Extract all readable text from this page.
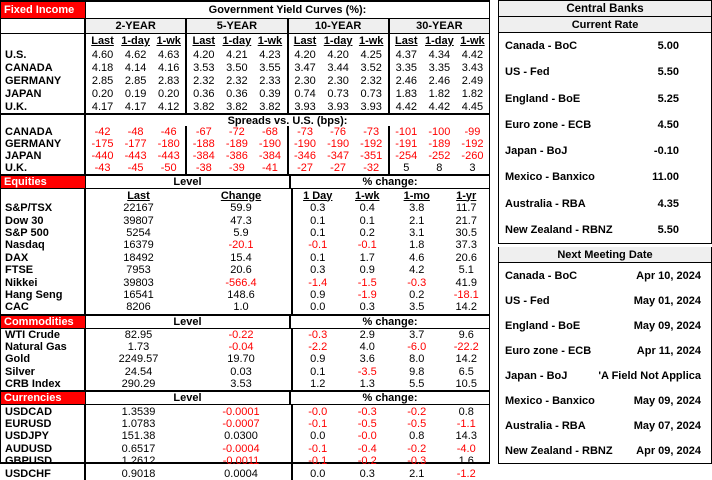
Fixed Income	Government Yield Curves (%):
2-YEAR	5-YEAR	10-YEAR	30-YEAR
Last 1-day 1-wk	Last 1-day 1-wk	Last 1-day 1-wk	Last 1-day 1-wk
U.S.	4.60	4.62	4.63	4.20	4.21	4.23	4.20	4.20	4.25	4.37	4.34	4.42
CANADA	4.18	4.14	4.16	3.53	3.50	3.55	3.47	3.44	3.52	3.35	3.35	3.43
GERMANY	2.85	2.85	2.83	2.32	2.32	2.33	2.30	2.30	2.32	2.46	2.46	2.49
JAPAN	0.20	0.19	0.20	0.36	0.36	0.39	0.74	0.73	0.73	1.83	1.82	1.82
U.K.	4.17	4.17	4.12	3.82	3.82	3.82	3.93	3.93	3.93	4.42	4.42	4.45
Spreads vs. U.S. (bps):
CANADA	-42	-48	-46	-67	-72	-68	-73	-76	-73	-101	-100	-99
GERMANY	-175	-177	-180	-188	-189	-190	-190	-190	-192	-191	-189	-192
JAPAN	-440	-443	-443	-384	-386	-384	-346	-347	-351	-254	-252	-260
U.K.	-43	-45	-50	-38	-39	-41	-27	-27	-32	5	8	3
Equities	Level	% change:
Last	Change	1 Day	1-wk	1-mo	1-yr
S&P/TSX	22167	59.9	0.3	0.4	3.8	11.7
Dow 30	39807	47.3	0.1	0.1	2.1	21.7
S&P 500	5254	5.9	0.1	0.2	3.1	30.5
Nasdaq	16379	-20.1	-0.1	-0.1	1.8	37.3
DAX	18492	15.4	0.1	1.7	4.6	20.6
FTSE	7953	20.6	0.3	0.9	4.2	5.1
Nikkei	39803	-566.4	-1.4	-1.5	-0.3	41.9
Hang Seng	16541	148.6	0.9	-1.9	0.2	-18.1
CAC	8206	1.0	0.0	0.3	3.5	14.2
Commodities	Level	% change:
WTI Crude	82.95	-0.22	-0.3	2.9	3.7	9.6
Natural Gas	1.73	-0.04	-2.2	4.0	-6.0	-22.2
Gold	2249.57	19.70	0.9	3.6	8.0	14.2
Silver	24.54	0.03	0.1	-3.5	9.8	6.5
CRB Index	290.29	3.53	1.2	1.3	5.5	10.5
Currencies	Level	% change:
USDCAD	1.3539	-0.0001	-0.0	-0.3	-0.2	0.8
EURUSD	1.0783	-0.0007	-0.1	-0.5	-0.5	-1.1
USDJPY	151.38	0.0300	0.0	-0.0	0.8	14.3
AUDUSD	0.6517	-0.0004	-0.1	-0.4	-0.2	-4.0
GBPUSD	1.2612	-0.0011	-0.1	-0.2	-0.3	1.6
USDCHF	0.9018	0.0004	0.0	0.3	2.1	-1.2
Central Banks
Current Rate
Canada - BoC	5.00
US - Fed	5.50
England - BoE	5.25
Euro zone - ECB	4.50
Japan - BoJ	-0.10
Mexico - Banxico	11.00
Australia - RBA	4.35
New Zealand - RBNZ	5.50
Next Meeting Date
Canada - BoC	Apr 10, 2024
US - Fed	May 01, 2024
England - BoE	May 09, 2024
Euro zone - ECB	Apr 11, 2024
Japan - BoJ	'A Field Not Applica
Mexico - Banxico	May 09, 2024
Australia - RBA	May 07, 2024
New Zealand - RBNZ Apr 09, 2024
